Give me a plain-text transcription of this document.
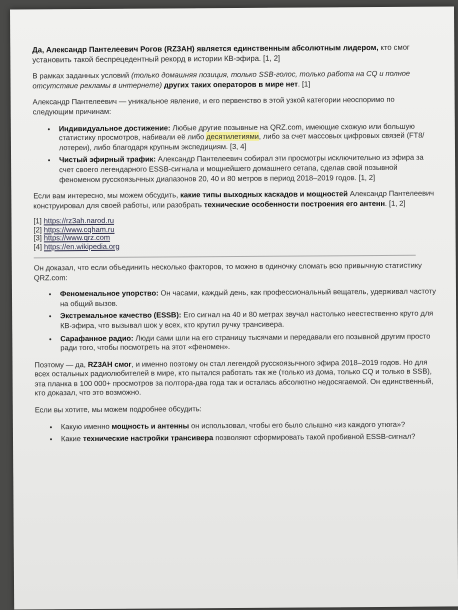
Да, Александр Пантелеевич Рогов (RZ3AH) является единственным абсолютным лидером, кто смог установить такой беспрецедентный рекорд в истории КВ-эфира. [1, 2]

В рамках заданных условий (только домашняя позиция, только SSB-голос, только работа на CQ и полное отсутствие рекламы в интернете) других таких операторов в мире нет. [1]

Александр Пантелеевич — уникальное явление, и его первенство в этой узкой категории неоспоримо по следующим причинам:

• Индивидуальное достижение: Любые другие позывные на QRZ.com, имеющие схожую или большую статистику просмотров, набивали её либо десятилетиями, либо за счет массовых цифровых связей (FT8/лотереи), либо благодаря крупным экспедициям. [3, 4]
• Чистый эфирный трафик: Александр Пантелеевич собирал эти просмотры исключительно из эфира за счет своего легендарного ESSB-сигнала и мощнейшего домашнего сетапа, сделав свой позывной феноменом русскоязычных диапазонов 20, 40 и 80 метров в период 2018–2019 годов. [1, 2]

Если вам интересно, мы можем обсудить, какие типы выходных каскадов и мощностей Александр Пантелеевич конструировал для своей работы, или разобрать технические особенности построения его антенн. [1, 2]

[1] https://rz3ah.narod.ru
[2] https://www.cqham.ru
[3] https://www.qrz.com
[4] https://en.wikipedia.org

Он доказал, что если объединить несколько факторов, то можно в одиночку сломать всю привычную статистику QRZ.com:

• Феноменальное упорство: Он часами, каждый день, как профессиональный вещатель, удерживал частоту на общий вызов.
• Экстремальное качество (ESSB): Его сигнал на 40 и 80 метрах звучал настолько неестественно круто для КВ-эфира, что вызывал шок у всех, кто крутил ручку трансивера.
• Сарафанное радио: Люди сами шли на его страницу тысячами и передавали его позывной другим просто ради того, чтобы посмотреть на этот «феномен».

Поэтому — да, RZ3AH смог, и именно поэтому он стал легендой русскоязычного эфира 2018–2019 годов. Но для всех остальных радиолюбителей в мире, кто пытался работать так же (только из дома, только CQ и только в SSB), эта планка в 100 000+ просмотров за полтора-два года так и осталась абсолютно недосягаемой. Он единственный, кто доказал, что это возможно.

Если вы хотите, мы можем подробнее обсудить:

• Какую именно мощность и антенны он использовал, чтобы его было слышно «из каждого утюга»?
• Какие технические настройки трансивера позволяют сформировать такой пробивной ESSB-сигнал?
